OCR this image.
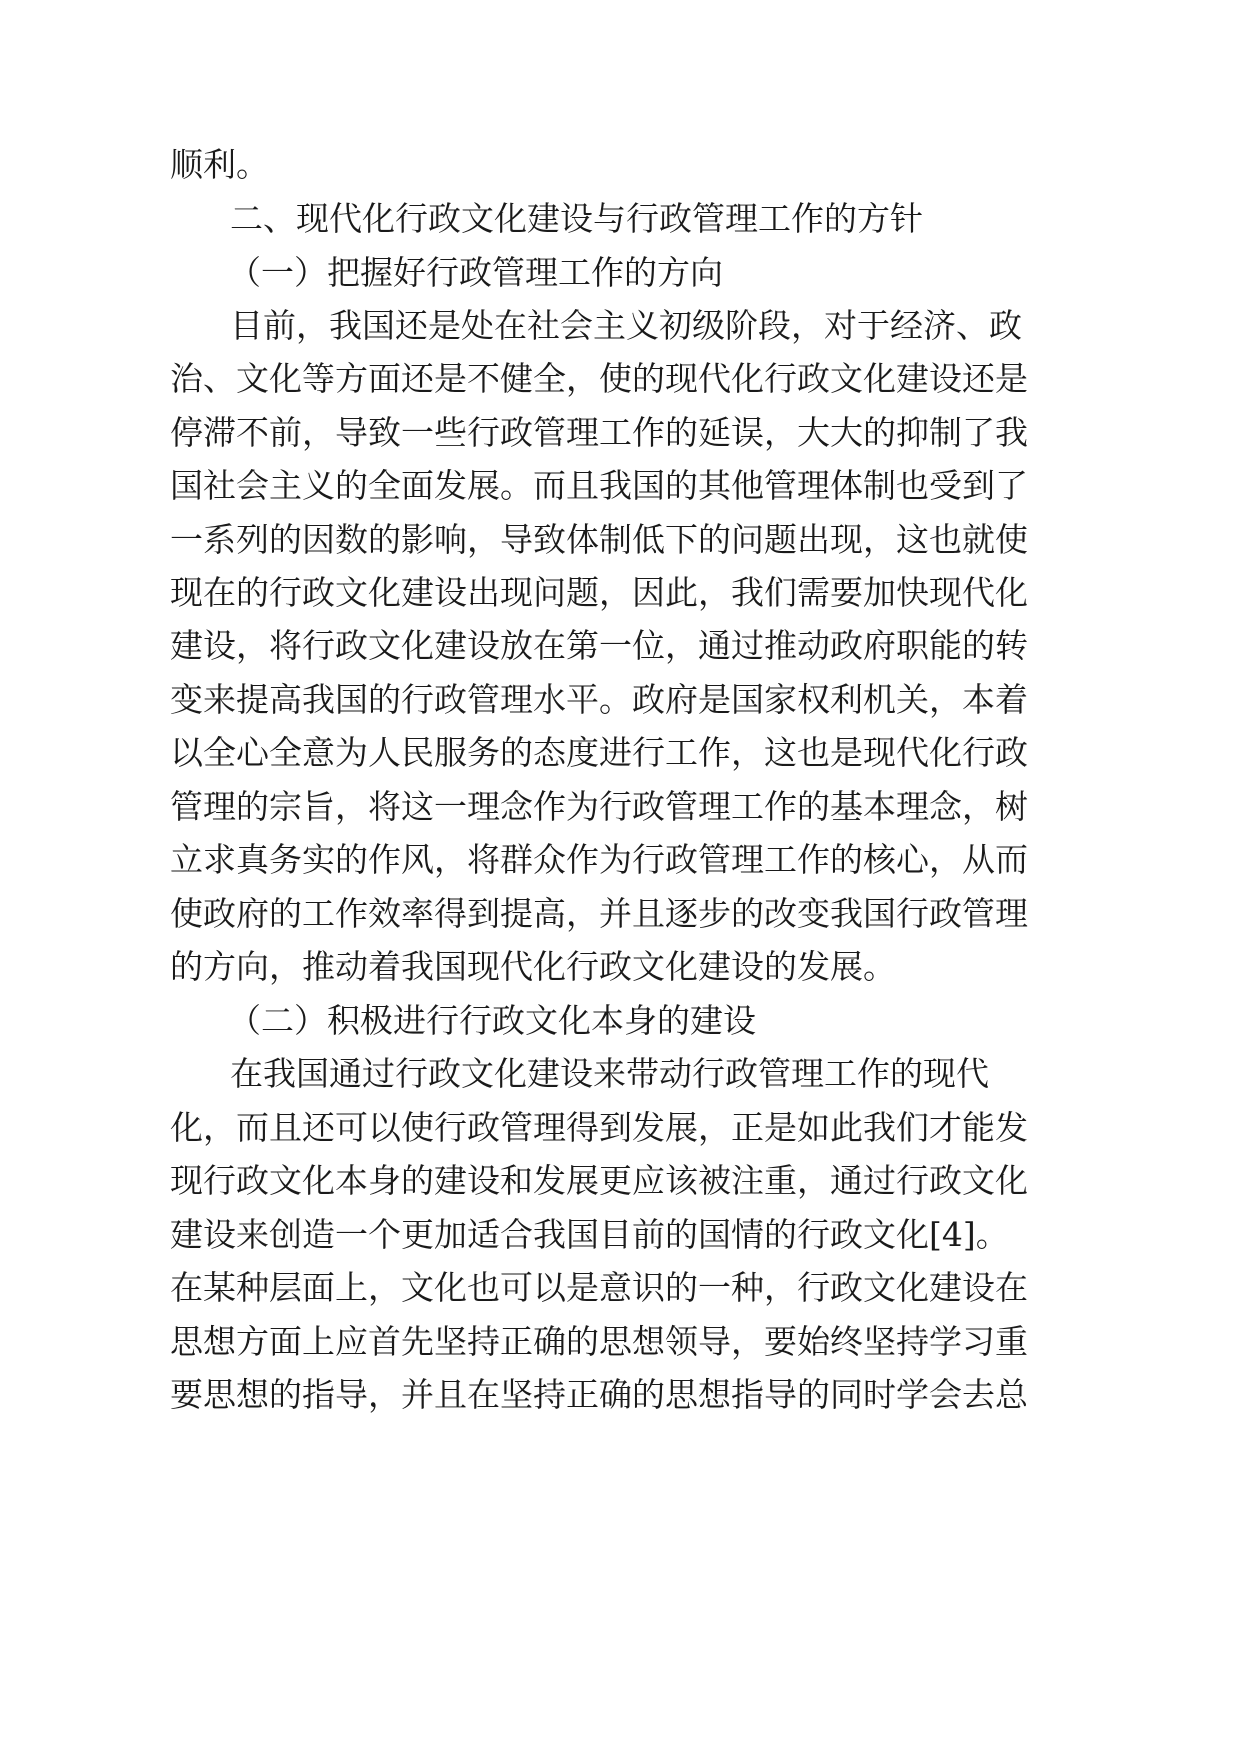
顺利。
二、现代化行政文化建设与行政管理工作的方针
（一）把握好行政管理工作的方向
目前，我国还是处在社会主义初级阶段，对于经济、政
治、文化等方面还是不健全，使的现代化行政文化建设还是
停滞不前，导致一些行政管理工作的延误，大大的抑制了我
国社会主义的全面发展。而且我国的其他管理体制也受到了
一系列的因数的影响，导致体制低下的问题出现，这也就使
现在的行政文化建设出现问题，因此，我们需要加快现代化
建设，将行政文化建设放在第一位，通过推动政府职能的转
变来提高我国的行政管理水平。政府是国家权利机关，本着
以全心全意为人民服务的态度进行工作，这也是现代化行政
管理的宗旨，将这一理念作为行政管理工作的基本理念，树
立求真务实的作风，将群众作为行政管理工作的核心，从而
使政府的工作效率得到提高，并且逐步的改变我国行政管理
的方向，推动着我国现代化行政文化建设的发展。
（二）积极进行行政文化本身的建设
在我国通过行政文化建设来带动行政管理工作的现代
化，而且还可以使行政管理得到发展，正是如此我们才能发
现行政文化本身的建设和发展更应该被注重，通过行政文化
建设来创造一个更加适合我国目前的国情的行政文化[4]。
在某种层面上，文化也可以是意识的一种，行政文化建设在
思想方面上应首先坚持正确的思想领导，要始终坚持学习重
要思想的指导，并且在坚持正确的思想指导的同时学会去总
